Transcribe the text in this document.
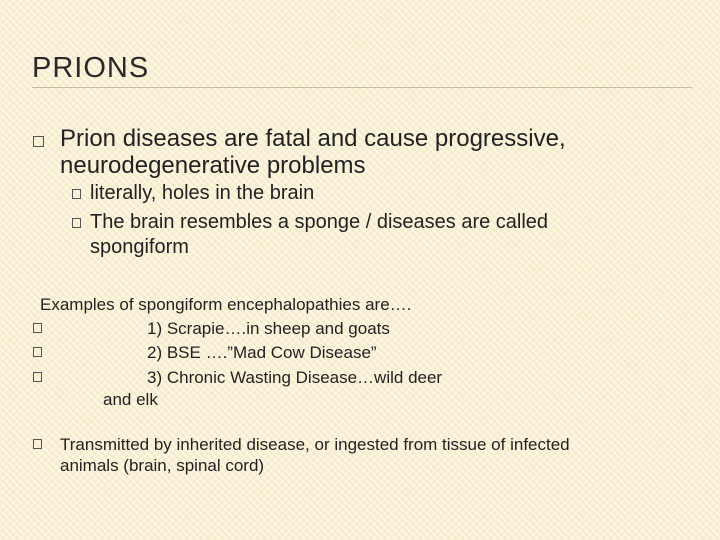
PRIONS
Prion diseases are fatal and cause progressive,
neurodegenerative problems
literally, holes in the brain
The brain resembles a sponge / diseases are called
spongiform
Examples of spongiform encephalopathies are….
1) Scrapie….in sheep and goats
2) BSE ….”Mad Cow Disease”
3) Chronic Wasting Disease…wild deer
and elk
Transmitted by inherited disease, or ingested from tissue of infected
animals (brain, spinal cord)
